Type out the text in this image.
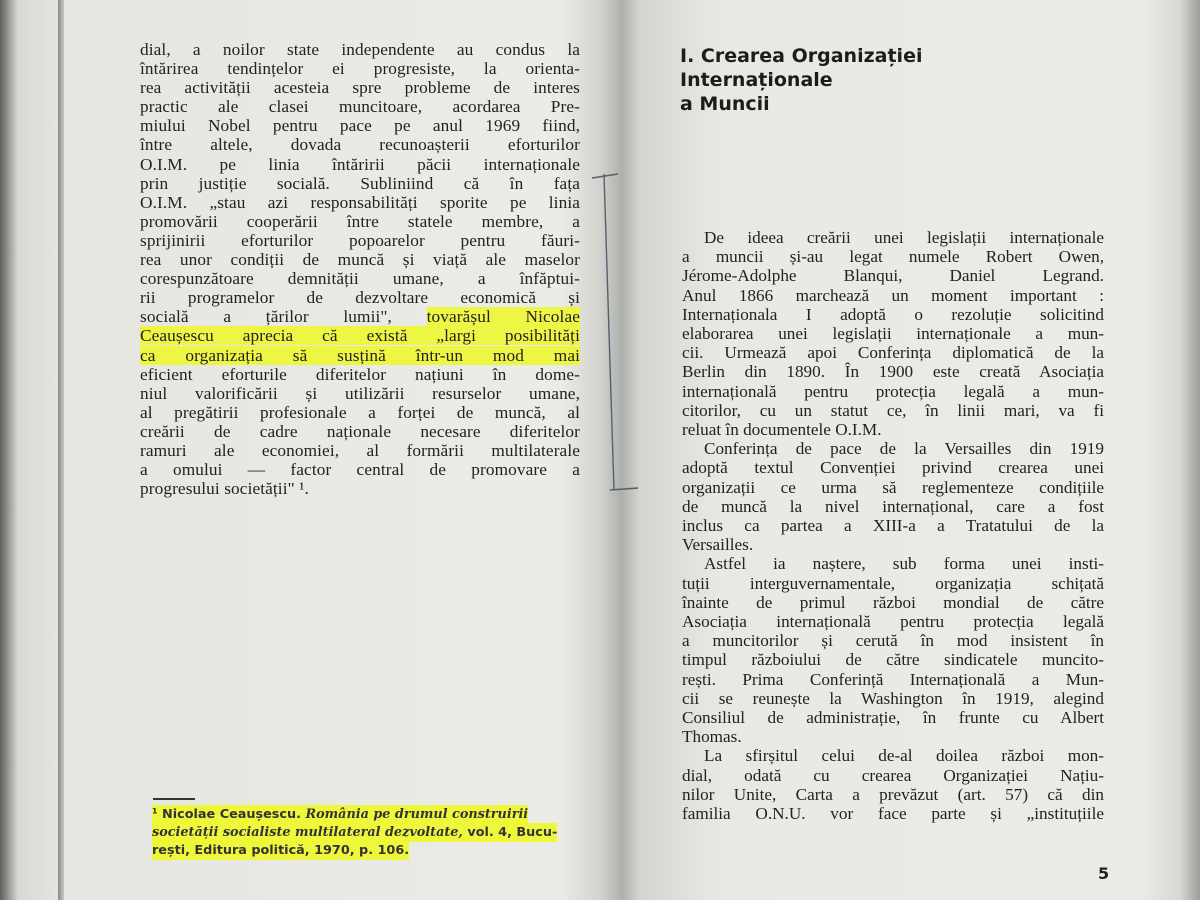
dial, a noilor state independente au condus la
întărirea tendințelor ei progresiste, la orienta-
rea activității acesteia spre probleme de interes
practic ale clasei muncitoare, acordarea Pre-
miului Nobel pentru pace pe anul 1969 fiind,
între altele, dovada recunoașterii eforturilor
O.I.M. pe linia întăririi păcii internaționale
prin justiție socială. Subliniind că în fața
O.I.M. „stau azi responsabilități sporite pe linia
promovării cooperării între statele membre, a
sprijinirii eforturilor popoarelor pentru făuri-
rea unor condiții de muncă și viață ale maselor
corespunzătoare demnității umane, a înfăptui-
rii programelor de dezvoltare economică și
socială a țărilor lumii", tovarășul Nicolae
Ceaușescu aprecia că există „largi posibilități
ca organizația să susțină într-un mod mai
eficient eforturile diferitelor națiuni în dome-
niul valorificării și utilizării resurselor umane,
al pregătirii profesionale a forței de muncă, al
creării de cadre naționale necesare diferitelor
ramuri ale economiei, al formării multilaterale
a omului — factor central de promovare a
progresului societății" ¹.
¹ Nicolae Ceaușescu. România pe drumul construirii
societății socialiste multilateral dezvoltate, vol. 4, Bucu-
rești, Editura politică, 1970, p. 106.
I. Crearea Organizației
Internaționale
a Muncii
De ideea creării unei legislații internaționale
a muncii și-au legat numele Robert Owen,
Jérome-Adolphe Blanqui, Daniel Legrand.
Anul 1866 marchează un moment important :
Internaționala I adoptă o rezoluție solicitind
elaborarea unei legislații internaționale a mun-
cii. Urmează apoi Conferința diplomatică de la
Berlin din 1890. În 1900 este creată Asociația
internațională pentru protecția legală a mun-
citorilor, cu un statut ce, în linii mari, va fi
reluat în documentele O.I.M.
Conferința de pace de la Versailles din 1919
adoptă textul Convenției privind crearea unei
organizații ce urma să reglementeze condițiile
de muncă la nivel internațional, care a fost
inclus ca partea a XIII-a a Tratatului de la
Versailles.
Astfel ia naștere, sub forma unei insti-
tuții interguvernamentale, organizația schițată
înainte de primul război mondial de către
Asociația internațională pentru protecția legală
a muncitorilor și cerută în mod insistent în
timpul războiului de către sindicatele muncito-
rești. Prima Conferință Internațională a Mun-
cii se reunește la Washington în 1919, alegind
Consiliul de administrație, în frunte cu Albert
Thomas.
La sfirșitul celui de-al doilea război mon-
dial, odată cu crearea Organizației Națiu-
nilor Unite, Carta a prevăzut (art. 57) că din
familia O.N.U. vor face parte și „instituțiile
5
